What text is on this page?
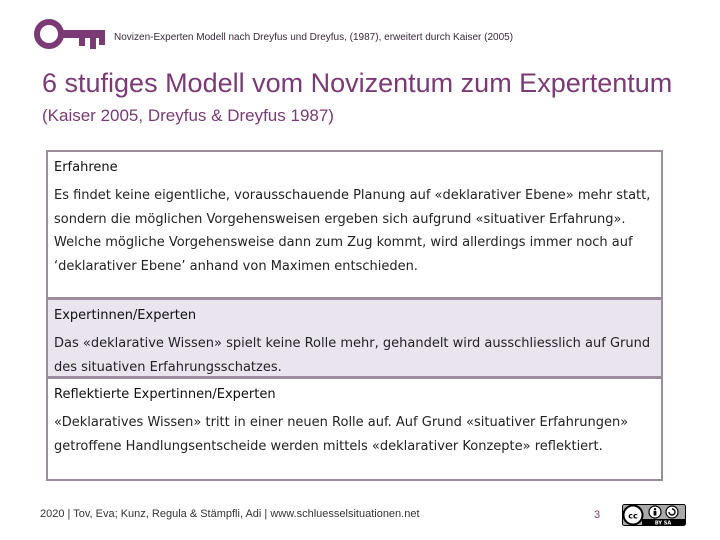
Novizen-Experten Modell nach Dreyfus und Dreyfus, (1987), erweitert durch Kaiser (2005)
6 stufiges Modell vom Novizentum zum Expertentum
(Kaiser 2005, Dreyfus & Dreyfus 1987)
Erfahrene

Es findet keine eigentliche, vorausschauende Planung auf «deklarativer Ebene» mehr statt, sondern die möglichen Vorgehensweisen ergeben sich aufgrund «situativer Erfahrung». Welche mögliche Vorgehensweise dann zum Zug kommt, wird allerdings immer noch auf ‘deklarativer Ebene’ anhand von Maximen entschieden.

Expertinnen/Experten

Das «deklarative Wissen» spielt keine Rolle mehr, gehandelt wird ausschliesslich auf Grund des situativen Erfahrungsschatzes.

Reflektierte Expertinnen/Experten

«Deklaratives Wissen» tritt in einer neuen Rolle auf. Auf Grund «situativer Erfahrungen» getroffene Handlungsentscheide werden mittels «deklarativer Konzepte» reflektiert.

2020 | Tov, Eva; Kunz, Regula & Stämpfli, Adi | www.schluesselsituationen.net	3	cc
BY SA
